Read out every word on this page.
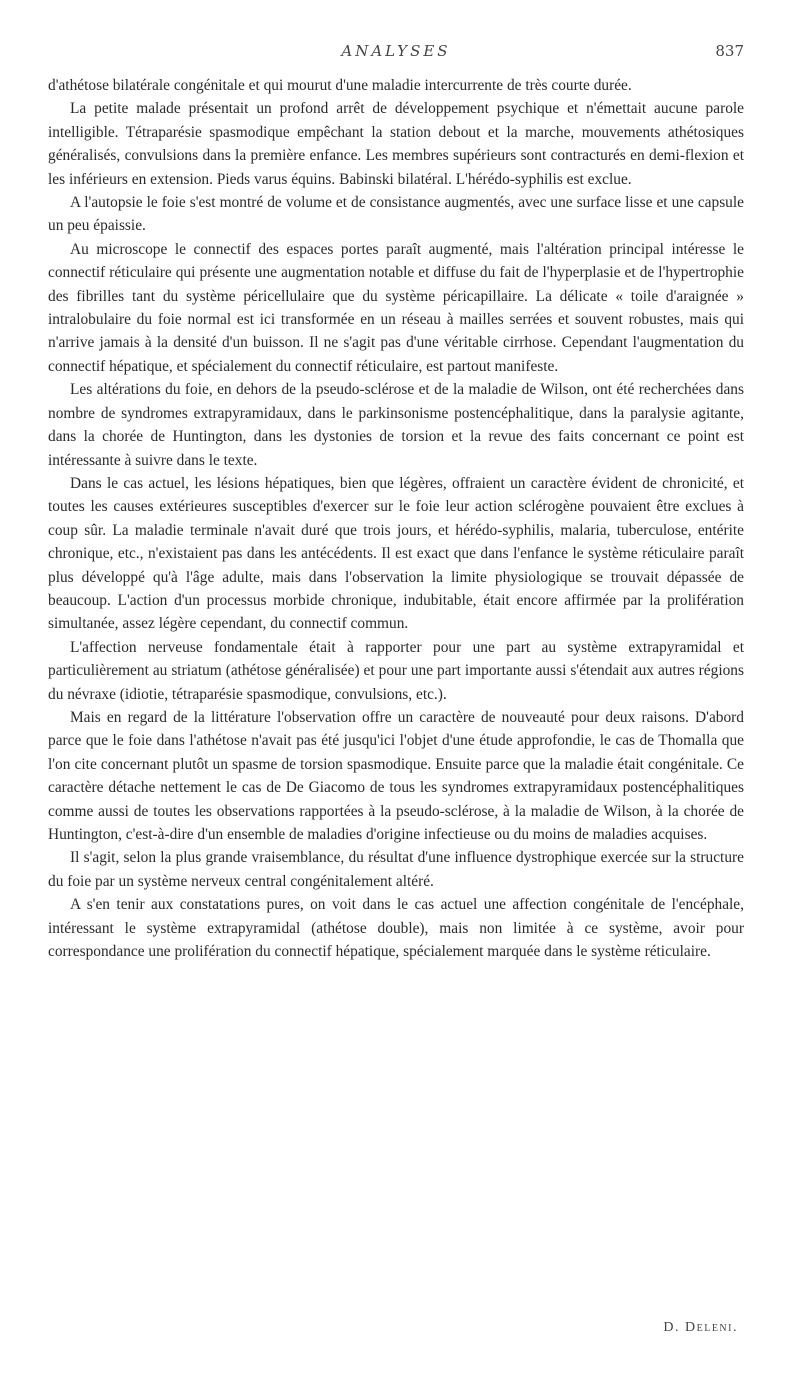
ANALYSES	837

d'athétose bilatérale congénitale et qui mourut d'une maladie intercurrente de très courte durée.

La petite malade présentait un profond arrêt de développement psychique et n'émettait aucune parole intelligible. Tétraparésie spasmodique empêchant la station debout et la marche, mouvements athétosiques généralisés, convulsions dans la première enfance. Les membres supérieurs sont contracturés en demi-flexion et les inférieurs en extension. Pieds varus équins. Babinski bilatéral. L'hérédo-syphilis est exclue.

A l'autopsie le foie s'est montré de volume et de consistance augmentés, avec une surface lisse et une capsule un peu épaissie.

Au microscope le connectif des espaces portes paraît augmenté, mais l'altération principal intéresse le connectif réticulaire qui présente une augmentation notable et diffuse du fait de l'hyperplasie et de l'hypertrophie des fibrilles tant du système péricellulaire que du système péricapillaire. La délicate « toile d'araignée » intralobulaire du foie normal est ici transformée en un réseau à mailles serrées et souvent robustes, mais qui n'arrive jamais à la densité d'un buisson. Il ne s'agit pas d'une véritable cirrhose. Cependant l'augmentation du connectif hépatique, et spécialement du connectif réticulaire, est partout manifeste.

Les altérations du foie, en dehors de la pseudo-sclérose et de la maladie de Wilson, ont été recherchées dans nombre de syndromes extrapyramidaux, dans le parkinsonisme postencéphalitique, dans la paralysie agitante, dans la chorée de Huntington, dans les dystonies de torsion et la revue des faits concernant ce point est intéressante à suivre dans le texte.

Dans le cas actuel, les lésions hépatiques, bien que légères, offraient un caractère évident de chronicité, et toutes les causes extérieures susceptibles d'exercer sur le foie leur action sclérogène pouvaient être exclues à coup sûr. La maladie terminale n'avait duré que trois jours, et hérédo-syphilis, malaria, tuberculose, entérite chronique, etc., n'existaient pas dans les antécédents. Il est exact que dans l'enfance le système réticulaire paraît plus développé qu'à l'âge adulte, mais dans l'observation la limite physiologique se trouvait dépassée de beaucoup. L'action d'un processus morbide chronique, indubitable, était encore affirmée par la prolifération simultanée, assez légère cependant, du connectif commun.

L'affection nerveuse fondamentale était à rapporter pour une part au système extrapyramidal et particulièrement au striatum (athétose généralisée) et pour une part importante aussi s'étendait aux autres régions du névraxe (idiotie, tétraparésie spasmodique, convulsions, etc.).

Mais en regard de la littérature l'observation offre un caractère de nouveauté pour deux raisons. D'abord parce que le foie dans l'athétose n'avait pas été jusqu'ici l'objet d'une étude approfondie, le cas de Thomalla que l'on cite concernant plutôt un spasme de torsion spasmodique. Ensuite parce que la maladie était congénitale. Ce caractère détache nettement le cas de De Giacomo de tous les syndromes extrapyramidaux postencéphalitiques comme aussi de toutes les observations rapportées à la pseudo-sclérose, à la maladie de Wilson, à la chorée de Huntington, c'est-à-dire d'un ensemble de maladies d'origine infectieuse ou du moins de maladies acquises.

Il s'agit, selon la plus grande vraisemblance, du résultat d'une influence dystrophique exercée sur la structure du foie par un système nerveux central congénitalement altéré.

A s'en tenir aux constatations pures, on voit dans le cas actuel une affection congénitale de l'encéphale, intéressant le système extrapyramidal (athétose double), mais non limitée à ce système, avoir pour correspondance une prolifération du connectif hépatique, spécialement marquée dans le système réticulaire.

D. Deleni.
